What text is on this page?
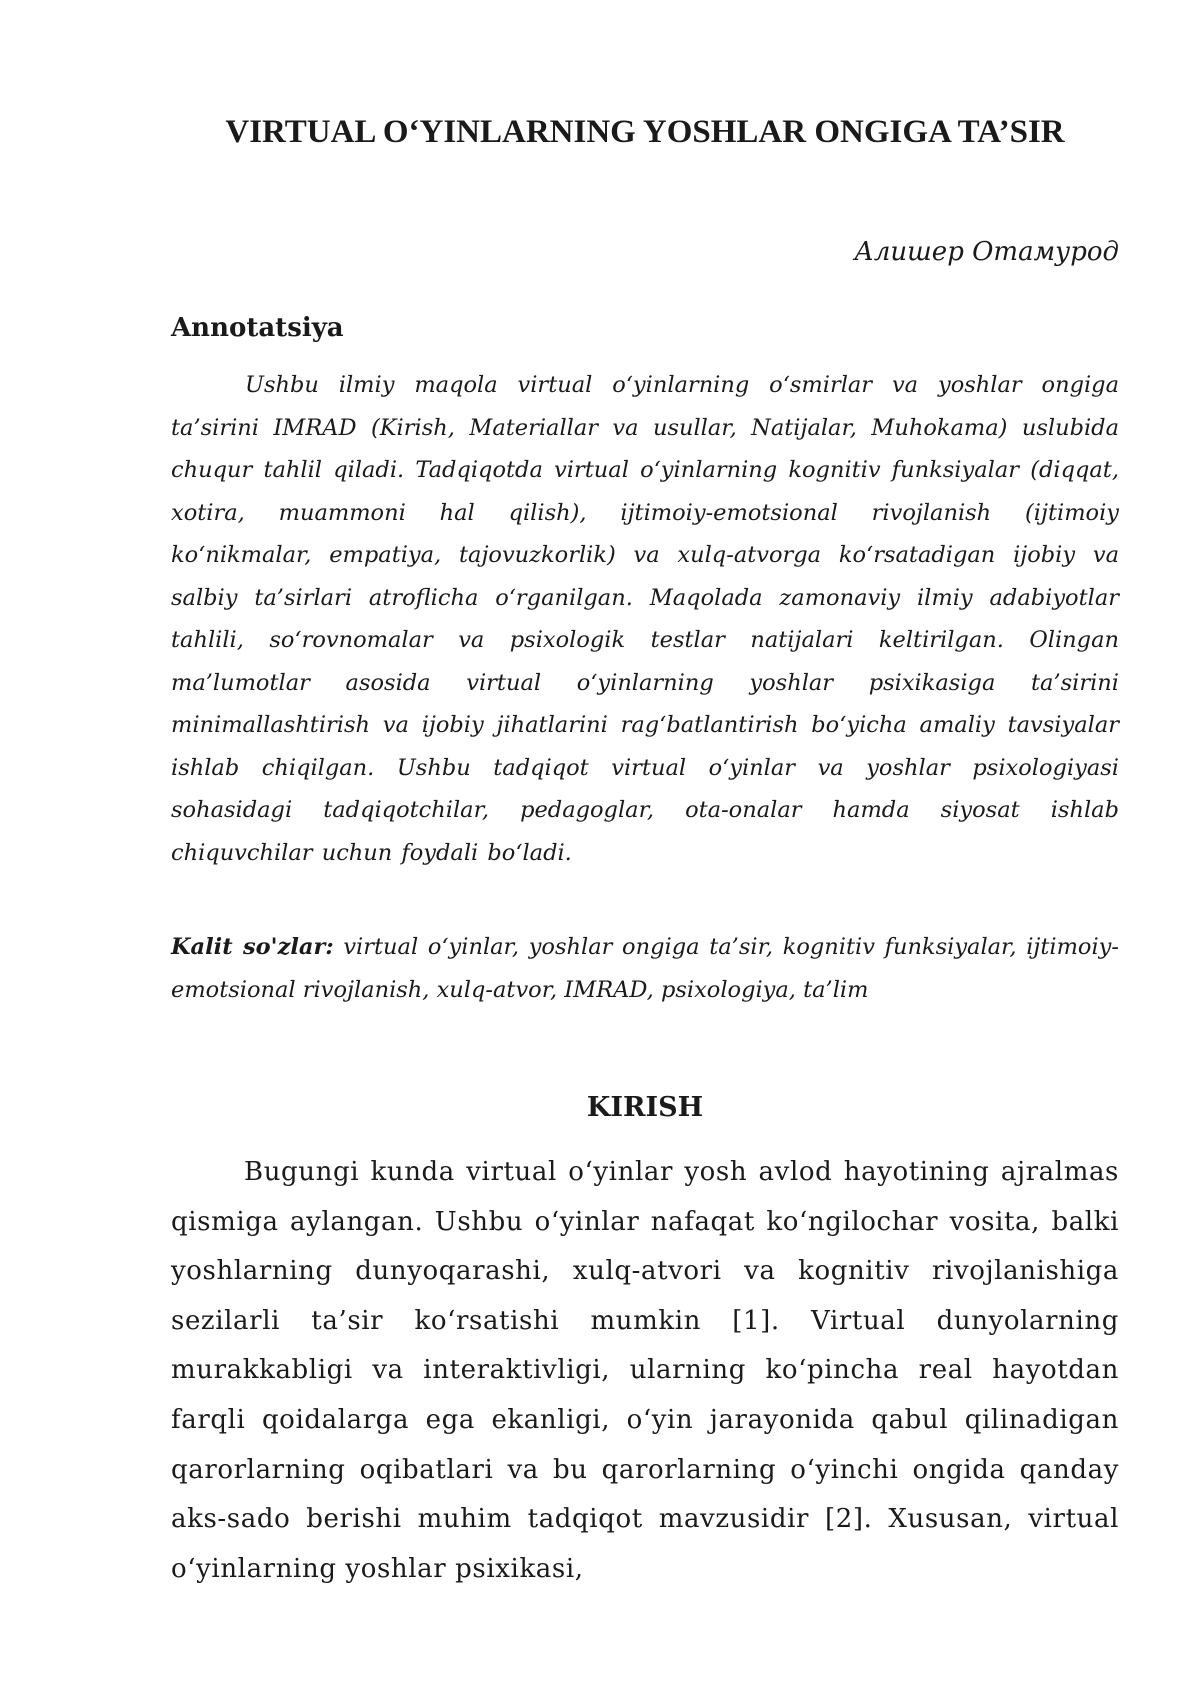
VIRTUAL O‘YINLARNING YOSHLAR ONGIGA TA’SIR

Алишер Отамурод

Annotatsiya

Ushbu ilmiy maqola virtual o‘yinlarning o‘smirlar va yoshlar ongiga ta’sirini IMRAD (Kirish, Materiallar va usullar, Natijalar, Muhokama) uslubida chuqur tahlil qiladi. Tadqiqotda virtual o‘yinlarning kognitiv funksiyalar (diqqat, xotira, muammoni hal qilish), ijtimoiy-emotsional rivojlanish (ijtimoiy ko‘nikmalar, empatiya, tajovuzkorlik) va xulq-atvorga ko‘rsatadigan ijobiy va salbiy ta’sirlari atroflicha o‘rganilgan. Maqolada zamonaviy ilmiy adabiyotlar tahlili, so‘rovnomalar va psixologik testlar natijalari keltirilgan. Olingan ma’lumotlar asosida virtual o‘yinlarning yoshlar psixikasiga ta’sirini minimallashtirish va ijobiy jihatlarini rag‘batlantirish bo‘yicha amaliy tavsiyalar ishlab chiqilgan. Ushbu tadqiqot virtual o‘yinlar va yoshlar psixologiyasi sohasidagi tadqiqotchilar, pedagoglar, ota-onalar hamda siyosat ishlab chiquvchilar uchun foydali bo‘ladi.

Kalit so'zlar: virtual o‘yinlar, yoshlar ongiga ta’sir, kognitiv funksiyalar, ijtimoiy-emotsional rivojlanish, xulq-atvor, IMRAD, psixologiya, ta’lim

KIRISH

Bugungi kunda virtual o‘yinlar yosh avlod hayotining ajralmas qismiga aylangan. Ushbu o‘yinlar nafaqat ko‘ngilochar vosita, balki yoshlarning dunyoqarashi, xulq-atvori va kognitiv rivojlanishiga sezilarli ta’sir ko‘rsatishi mumkin [1]. Virtual dunyolarning murakkabligi va interaktivligi, ularning ko‘pincha real hayotdan farqli qoidalarga ega ekanligi, o‘yin jarayonida qabul qilinadigan qarorlarning oqibatlari va bu qarorlarning o‘yinchi ongida qanday aks-sado berishi muhim tadqiqot mavzusidir [2]. Xususan, virtual o‘yinlarning yoshlar psixikasi,
